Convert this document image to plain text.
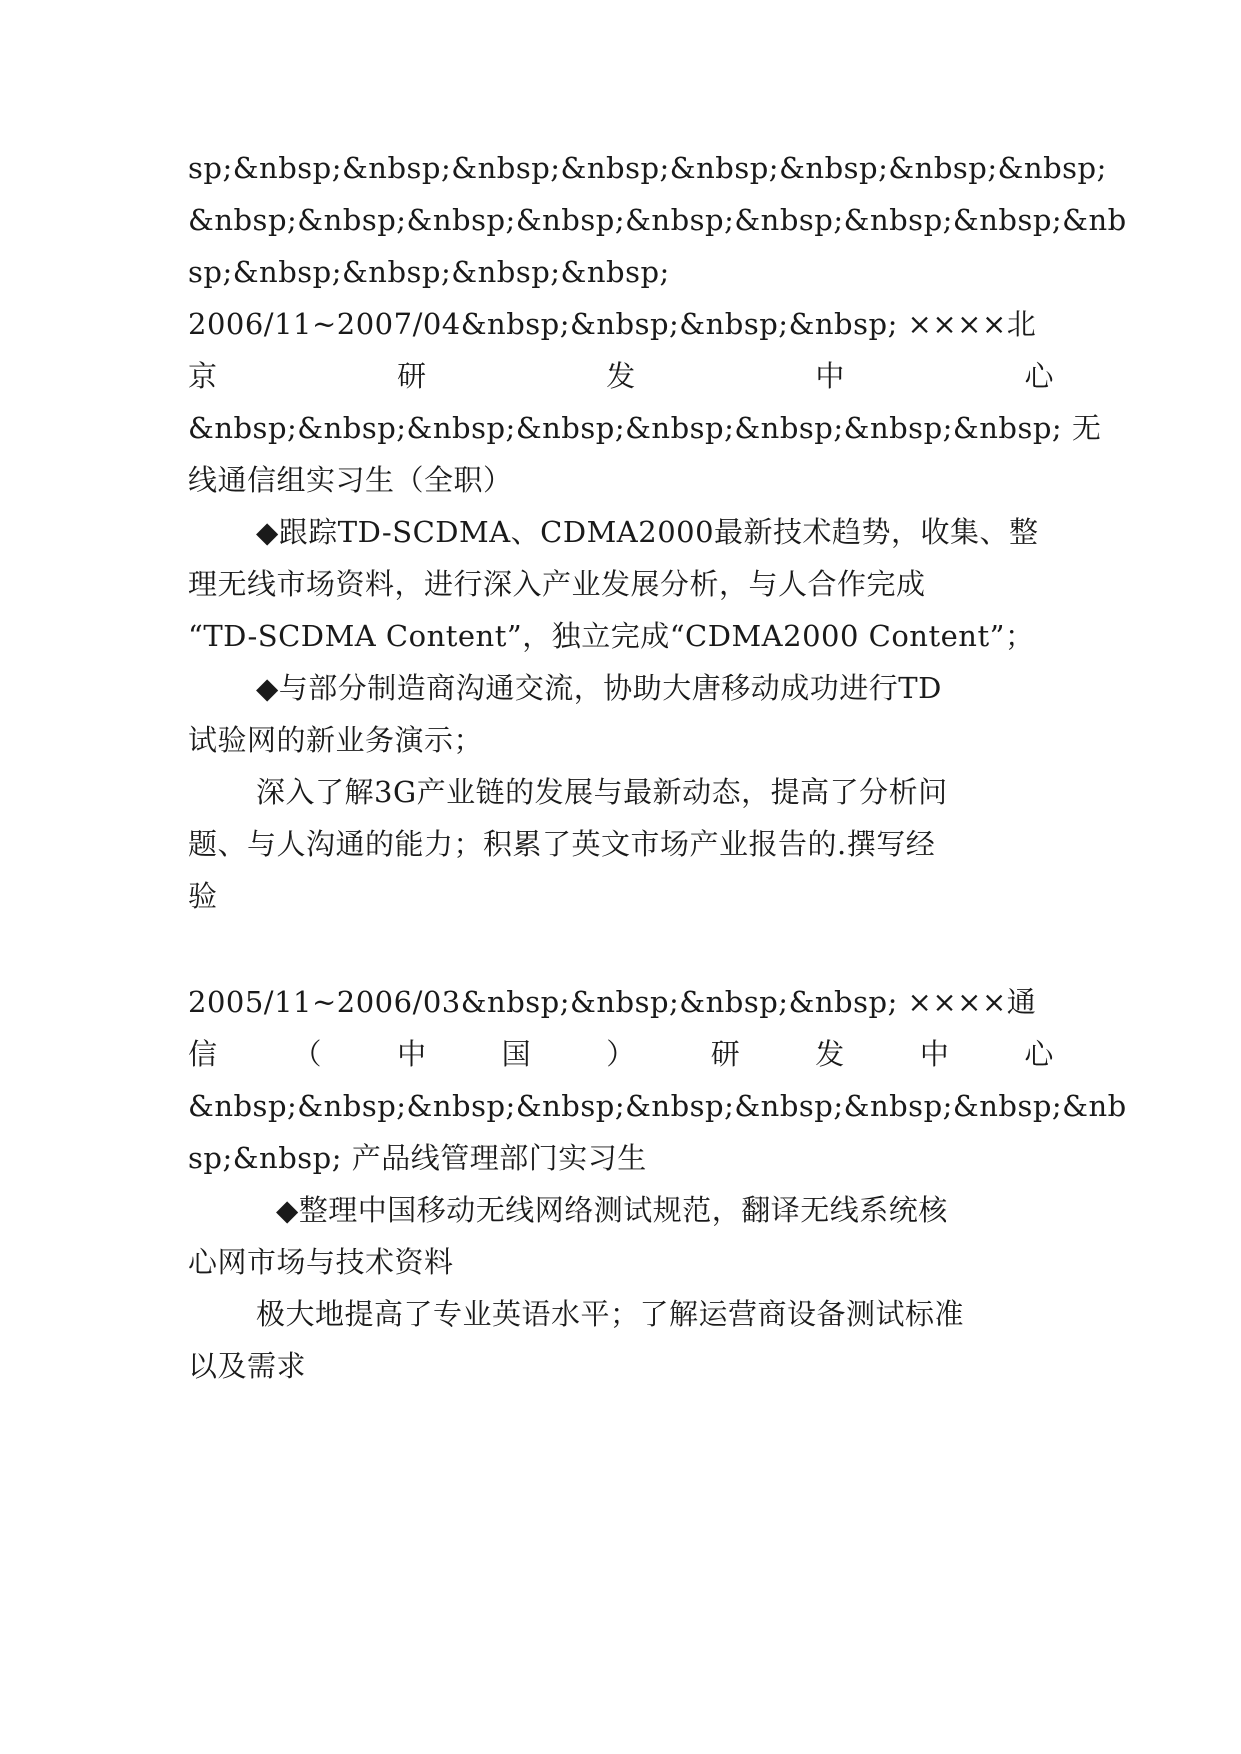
sp;&nbsp;&nbsp;&nbsp;&nbsp;&nbsp;&nbsp;&nbsp;&nbsp;
&nbsp;&nbsp;&nbsp;&nbsp;&nbsp;&nbsp;&nbsp;&nbsp;&nb
sp;&nbsp;&nbsp;&nbsp;&nbsp;
2006/11~2007/04&nbsp;&nbsp;&nbsp;&nbsp; ××××北
京	研	发	中	心
&nbsp;&nbsp;&nbsp;&nbsp;&nbsp;&nbsp;&nbsp;&nbsp; 无
线通信组实习生（全职）
◆跟踪TD-SCDMA、CDMA2000最新技术趋势，收集、整
理无线市场资料，进行深入产业发展分析，与人合作完成
“TD-SCDMA Content”，独立完成“CDMA2000 Content”；
◆与部分制造商沟通交流，协助大唐移动成功进行TD
试验网的新业务演示；
深入了解3G产业链的发展与最新动态，提高了分析问
题、与人沟通的能力；积累了英文市场产业报告的.撰写经
验
2005/11~2006/03&nbsp;&nbsp;&nbsp;&nbsp; ××××通
信	（	中	国	）	研	发	中	心
&nbsp;&nbsp;&nbsp;&nbsp;&nbsp;&nbsp;&nbsp;&nbsp;&nb
sp;&nbsp; 产品线管理部门实习生
◆整理中国移动无线网络测试规范，翻译无线系统核
心网市场与技术资料
极大地提高了专业英语水平；了解运营商设备测试标准
以及需求
